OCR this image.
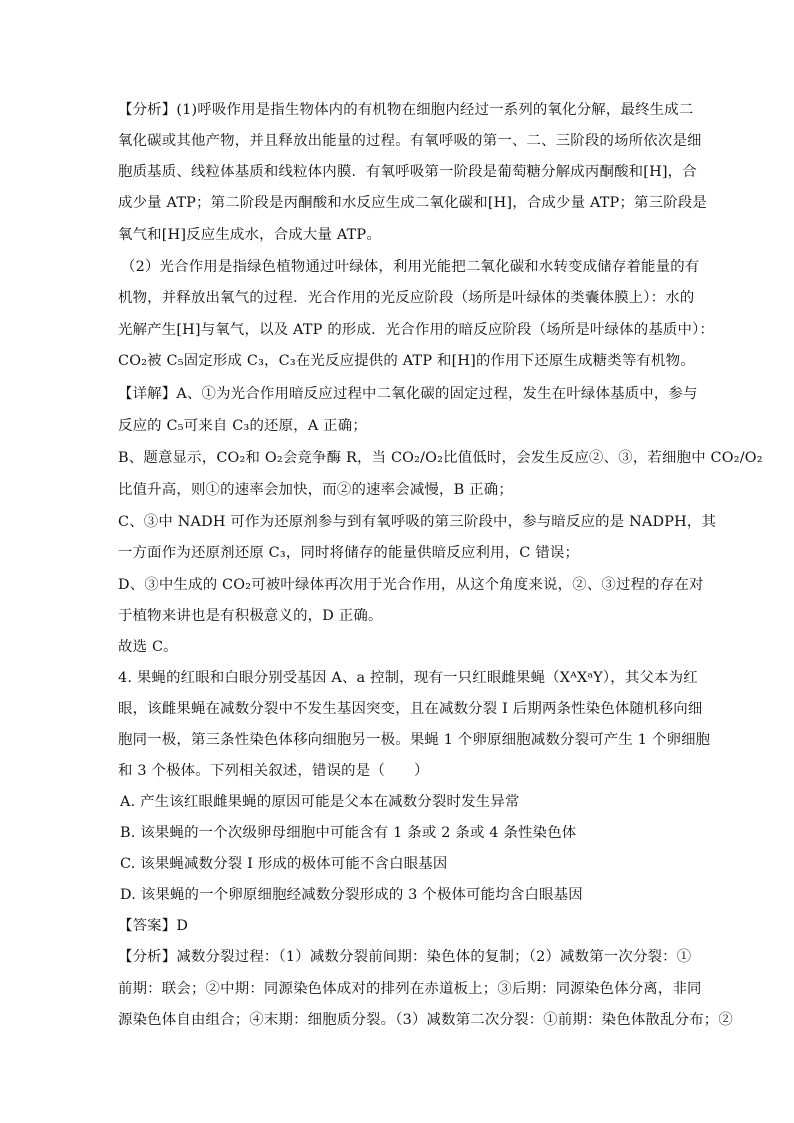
【分析】(1)呼吸作用是指生物体内的有机物在细胞内经过一系列的氧化分解，最终生成二
氧化碳或其他产物，并且释放出能量的过程。有氧呼吸的第一、二、三阶段的场所依次是细
胞质基质、线粒体基质和线粒体内膜．有氧呼吸第一阶段是葡萄糖分解成丙酮酸和[H]，合
成少量 ATP；第二阶段是丙酮酸和水反应生成二氧化碳和[H]，合成少量 ATP；第三阶段是
氧气和[H]反应生成水，合成大量 ATP。
（2）光合作用是指绿色植物通过叶绿体，利用光能把二氧化碳和水转变成储存着能量的有
机物，并释放出氧气的过程．光合作用的光反应阶段（场所是叶绿体的类囊体膜上）：水的
光解产生[H]与氧气，以及 ATP 的形成．光合作用的暗反应阶段（场所是叶绿体的基质中）：
CO₂被 C₅固定形成 C₃，C₃在光反应提供的 ATP 和[H]的作用下还原生成糖类等有机物。
【详解】A、①为光合作用暗反应过程中二氧化碳的固定过程，发生在叶绿体基质中，参与
反应的 C₅可来自 C₃的还原，A 正确；
B、题意显示，CO₂和 O₂会竞争酶 R，当 CO₂/O₂比值低时，会发生反应②、③，若细胞中 CO₂/O₂
比值升高，则①的速率会加快，而②的速率会减慢，B 正确；
C、③中 NADH 可作为还原剂参与到有氧呼吸的第三阶段中，参与暗反应的是 NADPH，其
一方面作为还原剂还原 C₃，同时将储存的能量供暗反应利用，C 错误；
D、③中生成的 CO₂可被叶绿体再次用于光合作用，从这个角度来说，②、③过程的存在对
于植物来讲也是有积极意义的，D 正确。
故选 C。
4. 果蝇的红眼和白眼分别受基因 A、a 控制，现有一只红眼雌果蝇（XᴬXᵃY），其父本为红
眼，该雌果蝇在减数分裂中不发生基因突变，且在减数分裂 I 后期两条性染色体随机移向细
胞同一极，第三条性染色体移向细胞另一极。果蝇 1 个卵原细胞减数分裂可产生 1 个卵细胞
和 3 个极体。下列相关叙述，错误的是（　　）
A. 产生该红眼雌果蝇的原因可能是父本在减数分裂时发生异常
B. 该果蝇的一个次级卵母细胞中可能含有 1 条或 2 条或 4 条性染色体
C. 该果蝇减数分裂 I 形成的极体可能不含白眼基因
D. 该果蝇的一个卵原细胞经减数分裂形成的 3 个极体可能均含白眼基因
【答案】D
【分析】减数分裂过程：（1）减数分裂前间期：染色体的复制；（2）减数第一次分裂：①
前期：联会；②中期：同源染色体成对的排列在赤道板上；③后期：同源染色体分离，非同
源染色体自由组合；④末期：细胞质分裂。（3）减数第二次分裂：①前期：染色体散乱分布；②
